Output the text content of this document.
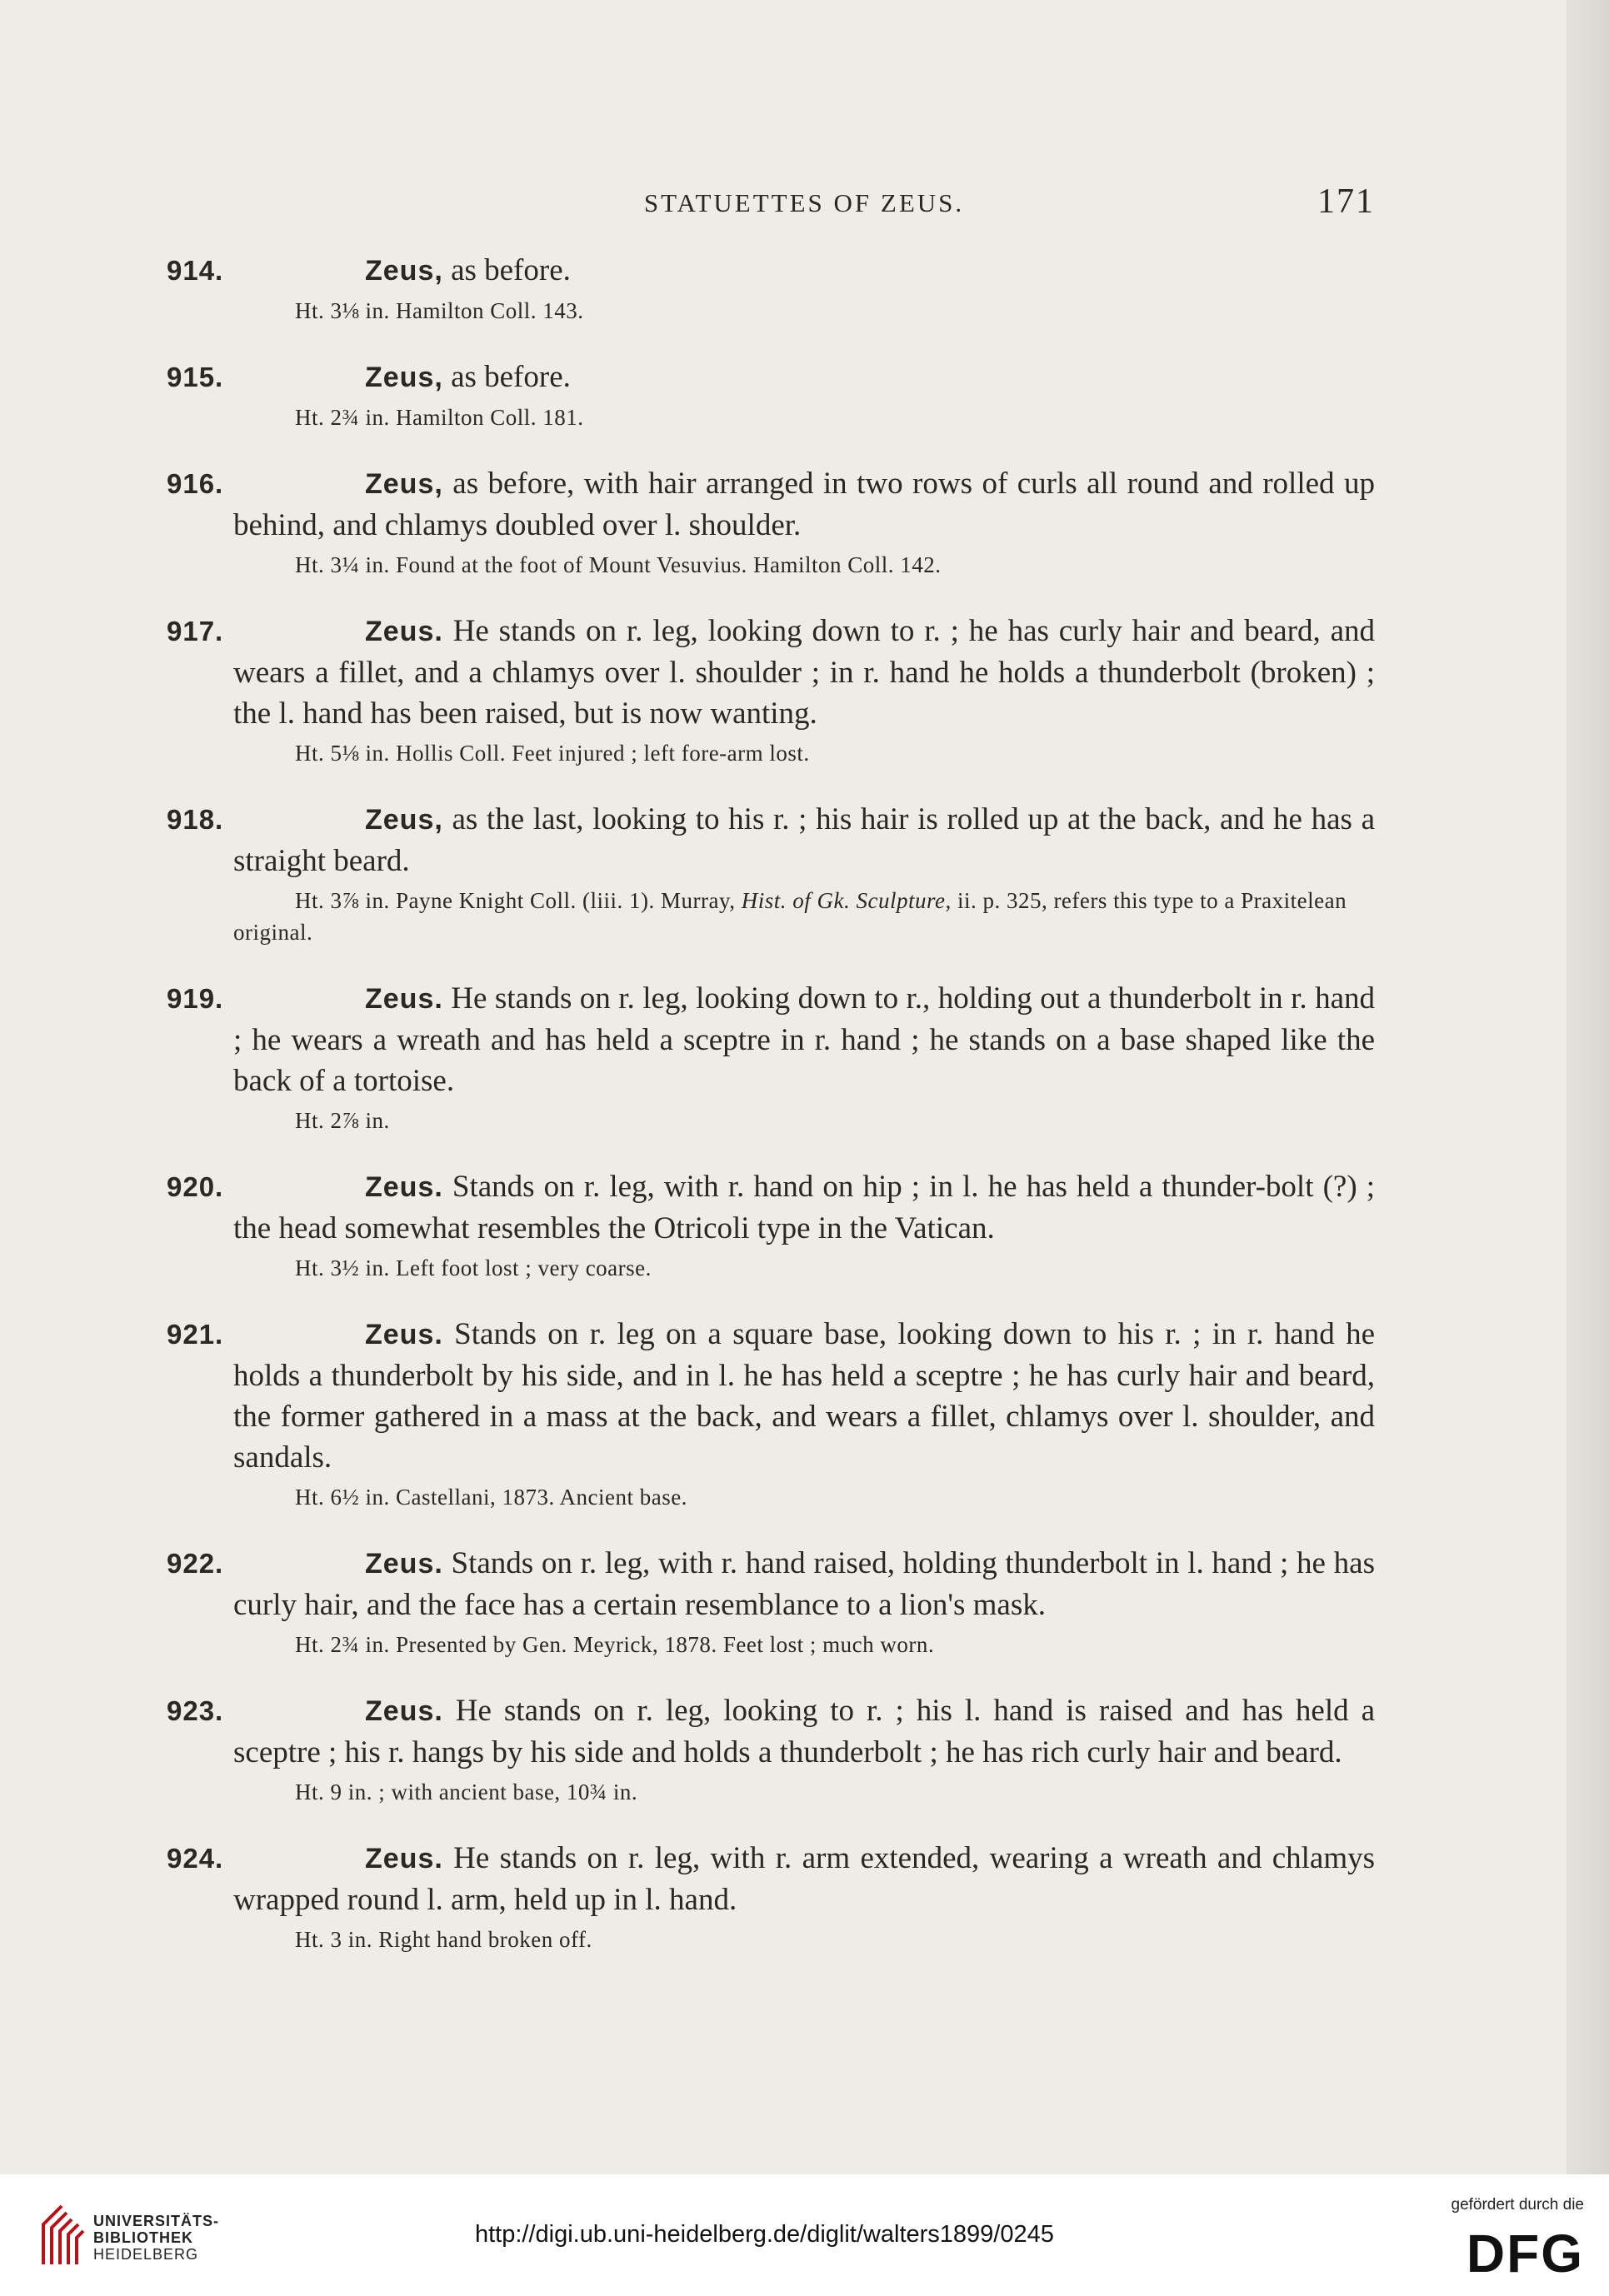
STATUETTES OF ZEUS.	171
914.	Zeus, as before.

Ht. 3⅛ in. Hamilton Coll. 143.

915.	Zeus, as before.

Ht. 2¾ in. Hamilton Coll. 181.

916.	Zeus, as before, with hair arranged in two rows of curls all round and rolled up behind, and chlamys doubled over l. shoulder.

Ht. 3¼ in. Found at the foot of Mount Vesuvius. Hamilton Coll. 142.

917.	Zeus. He stands on r. leg, looking down to r. ; he has curly hair and beard, and wears a fillet, and a chlamys over l. shoulder ; in r. hand he holds a thunderbolt (broken) ; the l. hand has been raised, but is now wanting.

Ht. 5⅛ in. Hollis Coll. Feet injured ; left fore-arm lost.

918.	Zeus, as the last, looking to his r. ; his hair is rolled up at the back, and he has a straight beard.

Ht. 3⅞ in. Payne Knight Coll. (liii. 1). Murray, Hist. of Gk. Sculpture, ii. p. 325, refers this type to a Praxitelean original.

919.	Zeus. He stands on r. leg, looking down to r., holding out a thunderbolt in r. hand ; he wears a wreath and has held a sceptre in r. hand ; he stands on a base shaped like the back of a tortoise.

Ht. 2⅞ in.

920.	Zeus. Stands on r. leg, with r. hand on hip ; in l. he has held a thunder-bolt (?) ; the head somewhat resembles the Otricoli type in the Vatican.

Ht. 3½ in. Left foot lost ; very coarse.

921.	Zeus. Stands on r. leg on a square base, looking down to his r. ; in r. hand he holds a thunderbolt by his side, and in l. he has held a sceptre ; he has curly hair and beard, the former gathered in a mass at the back, and wears a fillet, chlamys over l. shoulder, and sandals.

Ht. 6½ in. Castellani, 1873. Ancient base.

922.	Zeus. Stands on r. leg, with r. hand raised, holding thunderbolt in l. hand ; he has curly hair, and the face has a certain resemblance to a lion's mask.

Ht. 2¾ in. Presented by Gen. Meyrick, 1878. Feet lost ; much worn.

923.	Zeus. He stands on r. leg, looking to r. ; his l. hand is raised and has held a sceptre ; his r. hangs by his side and holds a thunderbolt ; he has rich curly hair and beard.

Ht. 9 in. ; with ancient base, 10¾ in.

924.	Zeus. He stands on r. leg, with r. arm extended, wearing a wreath and chlamys wrapped round l. arm, held up in l. hand.

Ht. 3 in. Right hand broken off.

UNIVERSITÄTS-
BIBLIOTHEK
HEIDELBERG
http://digi.ub.uni-heidelberg.de/diglit/walters1899/0245
gefördert durch die
DFG
